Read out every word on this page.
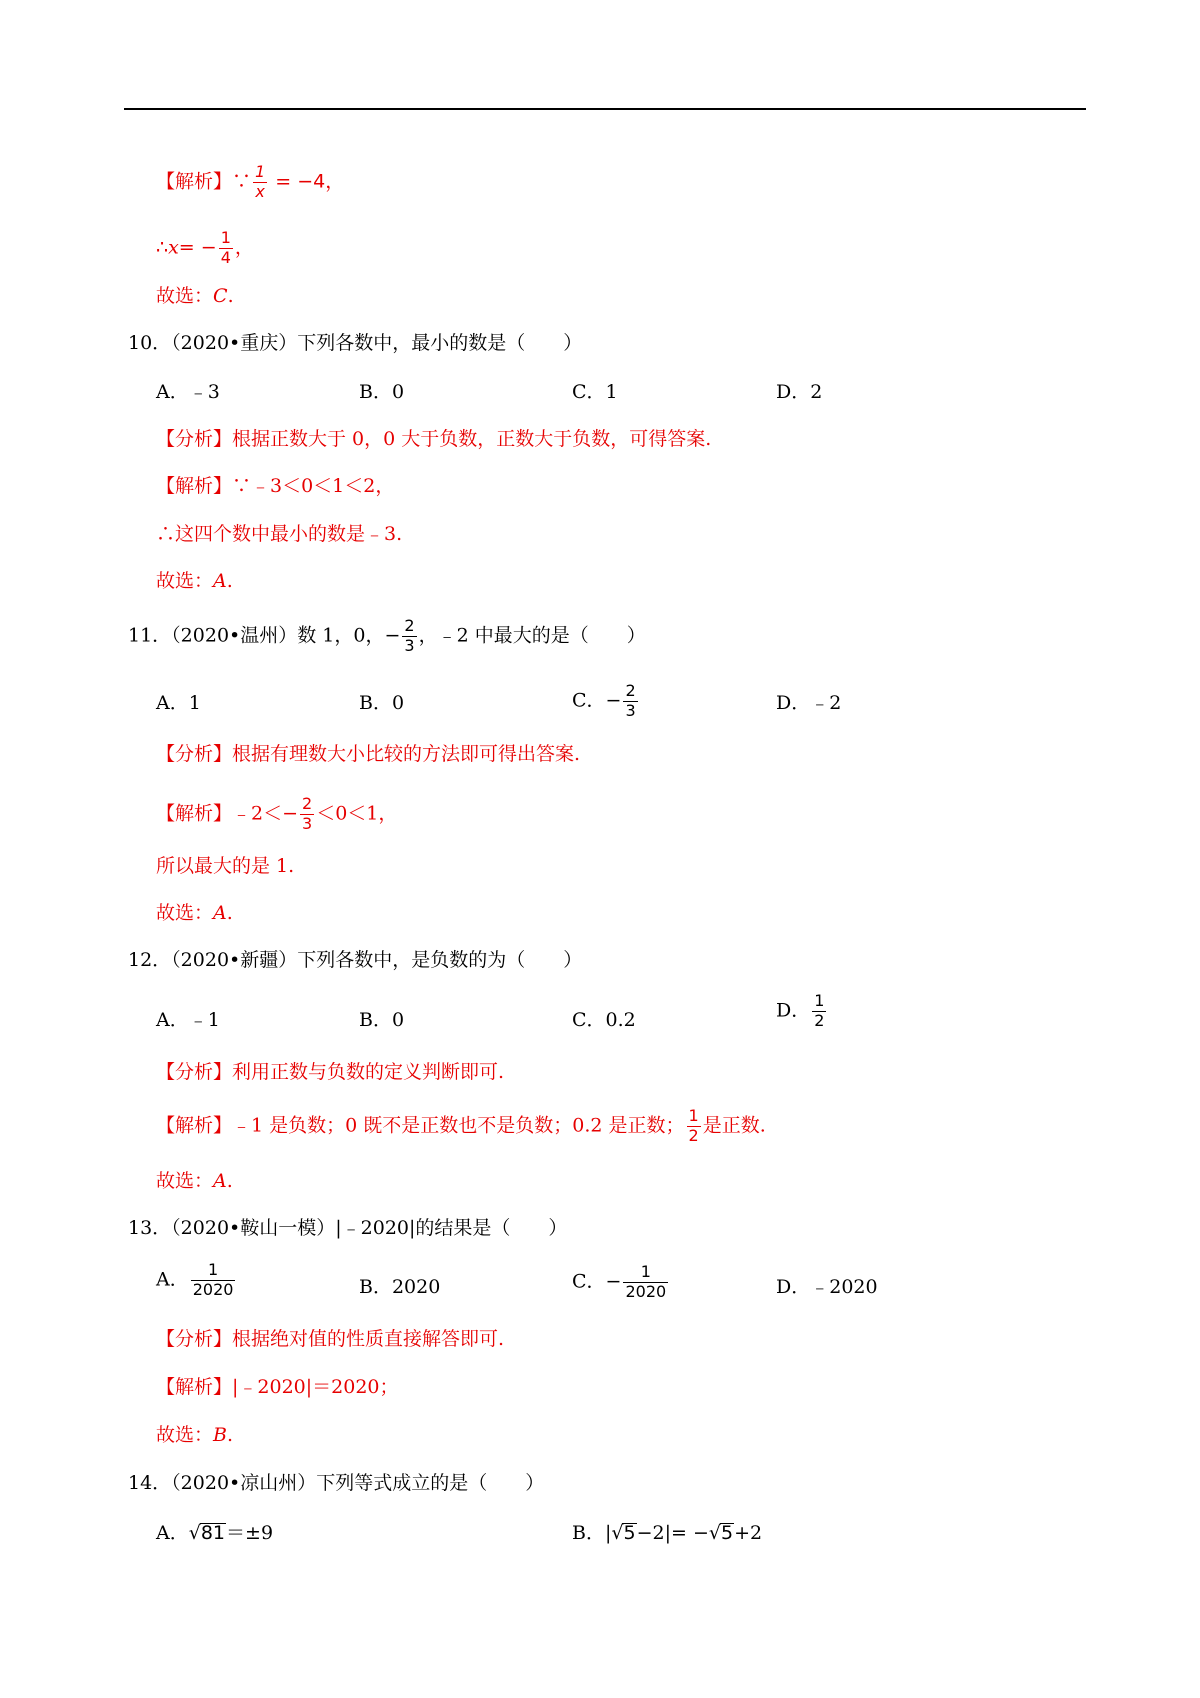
【解析】∵ $\frac{1}{x} = -4$，
∴x= − $\frac{1}{4}$ ，
故选：C.
10．（2020•重庆）下列各数中，最小的数是（　　）
A．﹣3	B．0	C．1	D．2
【分析】根据正数大于 0，0 大于负数，正数大于负数，可得答案.
【解析】∵﹣3＜0＜1＜2，
∴这四个数中最小的数是﹣3.
故选：A.
11．（2020•温州）数 1，0，− $\frac{2}{3}$ ，﹣2 中最大的是（　　）
A．1	B．0	C．− $\frac{2}{3}$	D．﹣2
【分析】根据有理数大小比较的方法即可得出答案.
【解析】﹣2＜− $\frac{2}{3} <0<1$，
所以最大的是 1.
故选：A.
12．（2020•新疆）下列各数中，是负数的为（　　）
A．﹣1	B．0	C．0.2	D． $\frac{1}{2}$
【分析】利用正数与负数的定义判断即可.
【解析】﹣1 是负数；0 既不是正数也不是负数；0.2 是正数； $\frac{1}{2}$ 是正数.
故选：A.
13．（2020•鞍山一模）|﹣2020|的结果是（　　）
A． $\frac{1}{2020}$	B．2020	C．− $\frac{1}{2020}$	D．﹣2020
【分析】根据绝对值的性质直接解答即可.
【解析】|﹣2020|＝2020；
故选：B.
14．（2020•凉山州）下列等式成立的是（　　）
A．√81＝±9	B．|√5−2|= −√5+2
